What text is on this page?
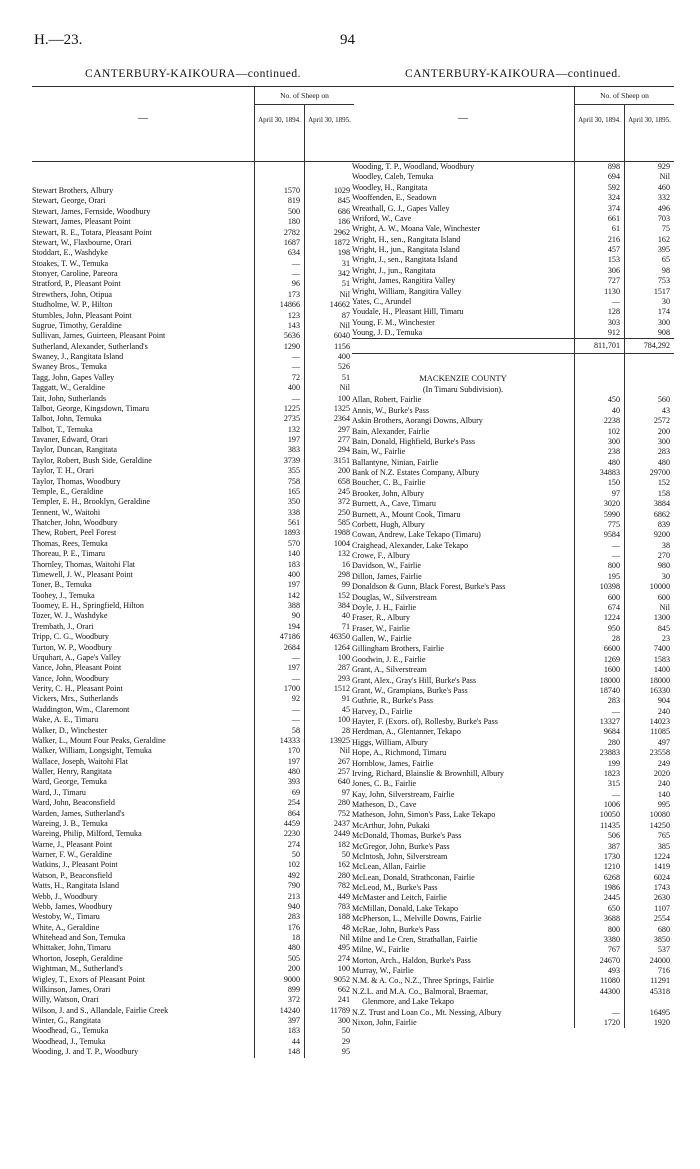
H.—23.	94
CANTERBURY-KAIKOURA—continued.
—
No. of Sheep on
April 30, 1894.	April 30, 1895.
Stewart Brothers, Albury	1570	1029
Stewart, George, Orari	819	845
Stewart, James, Fernside, Woodbury	500	686
Stewart, James, Pleasant Point	180	186
Stewart, R. E., Totara, Pleasant Point	2782	2962
Stewart, W., Flaxbourne, Orari	1687	1872
Stoddart, E., Washdyke	634	198
Stoakes, T. W., Temuka	—	31
Stonyer, Caroline, Pareora	—	342
Stratford, P., Pleasant Point	96	51
Strewthers, John, Otipua	173	Nil
Studholme, W. P., Hilton	14866	14662
Stumbles, John, Pleasant Point	123	87
Sugrue, Timothy, Geraldine	143	Nil
Sullivan, James, Guirteen, Pleasant Point	5636	6040
Sutherland, Alexander, Sutherland's	1290	1156
Swaney, J., Rangitata Island	—	400
Swaney Bros., Temuka	—	526
Tagg, John, Gapes Valley	72	51
Taggatt, W., Geraldine	400	Nil
Tait, John, Sutherlands	—	100
Talbot, George, Kingsdown, Timaru	1225	1325
Talbot, John, Temuka	2735	2364
Talbot, T., Temuka	132	297
Tavaner, Edward, Orari	197	277
Taylor, Duncan, Rangitata	383	294
Taylor, Robert, Bush Side, Geraldine	3739	3151
Taylor, T. H., Orari	355	200
Taylor, Thomas, Woodbury	758	658
Temple, E., Geraldine	165	245
Templer, E. H., Brooklyn, Geraldine	350	372
Tennent, W., Waitohi	338	250
Thatcher, John, Woodbury	561	585
Thew, Robert, Peel Forest	1893	1988
Thomas, Rees, Temuka	570	1004
Thoreau, P. E., Timaru	140	132
Thornley, Thomas, Waitohi Flat	183	16
Timewell, J. W., Pleasant Point	400	298
Toner, B., Temuka	197	99
Toohey, J., Temuka	142	152
Toomey, E. H., Springfield, Hilton	388	384
Tozer, W. J., Washdyke	90	40
Trembath, J., Orari	194	71
Tripp, C. G., Woodbury	47186	46350
Turton, W. P., Woodbury	2684	1264
Urquhart, A., Gape's Valley	—	100
Vance, John, Pleasant Point	197	287
Vance, John, Woodbury	—	293
Verity, C. H., Pleasant Point	1700	1512
Vickers, Mrs., Sutherlands	92	91
Waddington, Wm., Claremont	—	45
Wake, A. E., Timaru	—	100
Walker, D., Winchester	58	28
Walker, L., Mount Four Peaks, Geraldine	14333	13925
Walker, William, Longsight, Temuka	170	Nil
Wallace, Joseph, Waitohi Flat	197	267
Waller, Henry, Rangitata	480	257
Ward, George, Temuka	393	640
Ward, J., Timaru	69	97
Ward, John, Beaconsfield	254	280
Warden, James, Sutherland's	864	752
Wareing, J. B., Temuka	4459	2437
Wareing, Philip, Milford, Temuka	2230	2449
Warne, J., Pleasant Point	274	182
Warner, F. W., Geraldine	50	50
Watkins, J., Pleasant Point	102	162
Watson, P., Beaconsfield	492	280
Watts, H., Rangitata Island	790	782
Webb, J., Woodbury	213	449
Webb, James, Woodbury	940	783
Westoby, W., Timaru	283	188
White, A., Geraldine	176	48
Whitehead and Son, Temuka	18	Nil
Whittaker, John, Timaru	480	495
Whorton, Joseph, Geraldine	505	274
Wightman, M., Sutherland's	200	100
Wigley, T., Exors of Pleasant Point	9000	9052
Wilkinson, James, Orari	899	662
Willy, Watson, Orari	372	241
Wilson, J. and S., Allandale, Fairlie Creek	14240	11789
Winter, G., Rangitata	397	300
Woodhead, G., Temuka	183	50
Woodhead, J., Temuka	44	29
Wooding, J. and T. P., Woodbury	148	95
CANTERBURY-KAIKOURA—continued.
—
No. of Sheep on
April 30, 1894.	April 30, 1895.
Wooding, T. P., Woodland, Woodbury	898	929
Woodley, Caleb, Temuka	694	Nil
Woodley, H., Rangitata	592	460
Wooffenden, E., Seadown	324	332
Wreathall, G. J., Gapes Valley	374	496
Wriford, W., Cave	661	703
Wright, A. W., Moana Vale, Winchester	61	75
Wright, H., sen., Rangitata Island	216	162
Wright, H., jun., Rangitata Island	457	395
Wright, J., sen., Rangitata Island	153	65
Wright, J., jun., Rangitata	306	98
Wright, James, Rangitira Valley	727	753
Wright, William, Rangitira Valley	1130	1517
Yates, C., Arundel	—	30
Youdale, H., Pleasant Hill, Timaru	128	174
Young, F. M., Winchester	303	300
Young, J. D., Temuka	912	908
811,701	784,292
MACKENZIE COUNTY
(In Timaru Subdivision).
Allan, Robert, Fairlie	450	560
Annis, W., Burke's Pass	40	43
Askin Brothers, Aorangi Downs, Albury	2238	2572
Bain, Alexander, Fairlie	102	200
Bain, Donald, Highfield, Burke's Pass	300	300
Bain, W., Fairlie	238	283
Ballantyne, Ninian, Fairlie	480	480
Bank of N.Z. Estates Company, Albury	34883	29700
Boucher, C. B., Fairlie	150	152
Brooker, John, Albury	97	158
Burnett, A., Cave, Timaru	3020	3884
Burnett, A., Mount Cook, Timaru	5990	6862
Corbett, Hugh, Albury	775	839
Cowan, Andrew, Lake Tekapo (Timaru)	9584	9200
Craighead, Alexander, Lake Tekapo	—	38
Crowe, F., Albury	—	270
Davidson, W., Fairlie	800	980
Dillon, James, Fairlie	195	30
Donaldson & Gunn, Black Forest, Burke's Pass	10398	10000
Douglas, W., Silverstream	600	600
Doyle, J. H., Fairlie	674	Nil
Fraser, R., Albury	1224	1300
Fraser, W., Fairlie	950	845
Gallen, W., Fairlie	28	23
Gillingham Brothers, Fairlie	6600	7400
Goodwin, J. E., Fairlie	1269	1583
Grant, A., Silverstream	1600	1400
Grant, Alex., Gray's Hill, Burke's Pass	18000	18000
Grant, W., Grampians, Burke's Pass	18740	16330
Guthrie, R., Burke's Pass	283	904
Harvey, D., Fairlie	—	240
Hayter, F. (Exors. of), Rollesby, Burke's Pass	13327	14023
Herdman, A., Glentanner, Tekapo	9684	11085
Higgs, William, Albury	280	497
Hope, A., Richmond, Timaru	23883	23558
Hornblow, James, Fairlie	199	249
Irving, Richard, Blainslie & Brownhill, Albury	1823	2020
Jones, C. B., Fairlie	315	240
Kay, John, Silverstream, Fairlie	—	140
Matheson, D., Cave	1006	995
Matheson, John, Simon's Pass, Lake Tekapo	10050	10080
McArthur, John, Pukaki	11435	14250
McDonald, Thomas, Burke's Pass	506	765
McGregor, John, Burke's Pass	387	385
McIntosh, John, Silverstream	1730	1224
McLean, Allan, Fairlie	1210	1419
McLean, Donald, Strathconan, Fairlie	6268	6024
McLeod, M., Burke's Pass	1986	1743
McMaster and Leitch, Fairlie	2445	2630
McMillan, Donald, Lake Tekapo	650	1107
McPherson, L., Melville Downs, Fairlie	3688	2554
McRae, John, Burke's Pass	800	680
Milne and Le Cren, Strathallan, Fairlie	3380	3850
Milne, W., Fairlie	767	537
Morton, Arch., Haldon, Burke's Pass	24670	24000
Murray, W., Fairlie	493	716
N.M. & A. Co., N.Z., Three Springs, Fairlie	11080	11291
N.Z.L. and M.A. Co., Balmoral, Braemar,	44300	45318
Glenmore, and Lake Tekapo
N.Z. Trust and Loan Co., Mt. Nessing, Albury	—	16495
Nixon, John, Fairlie	1720	1920
